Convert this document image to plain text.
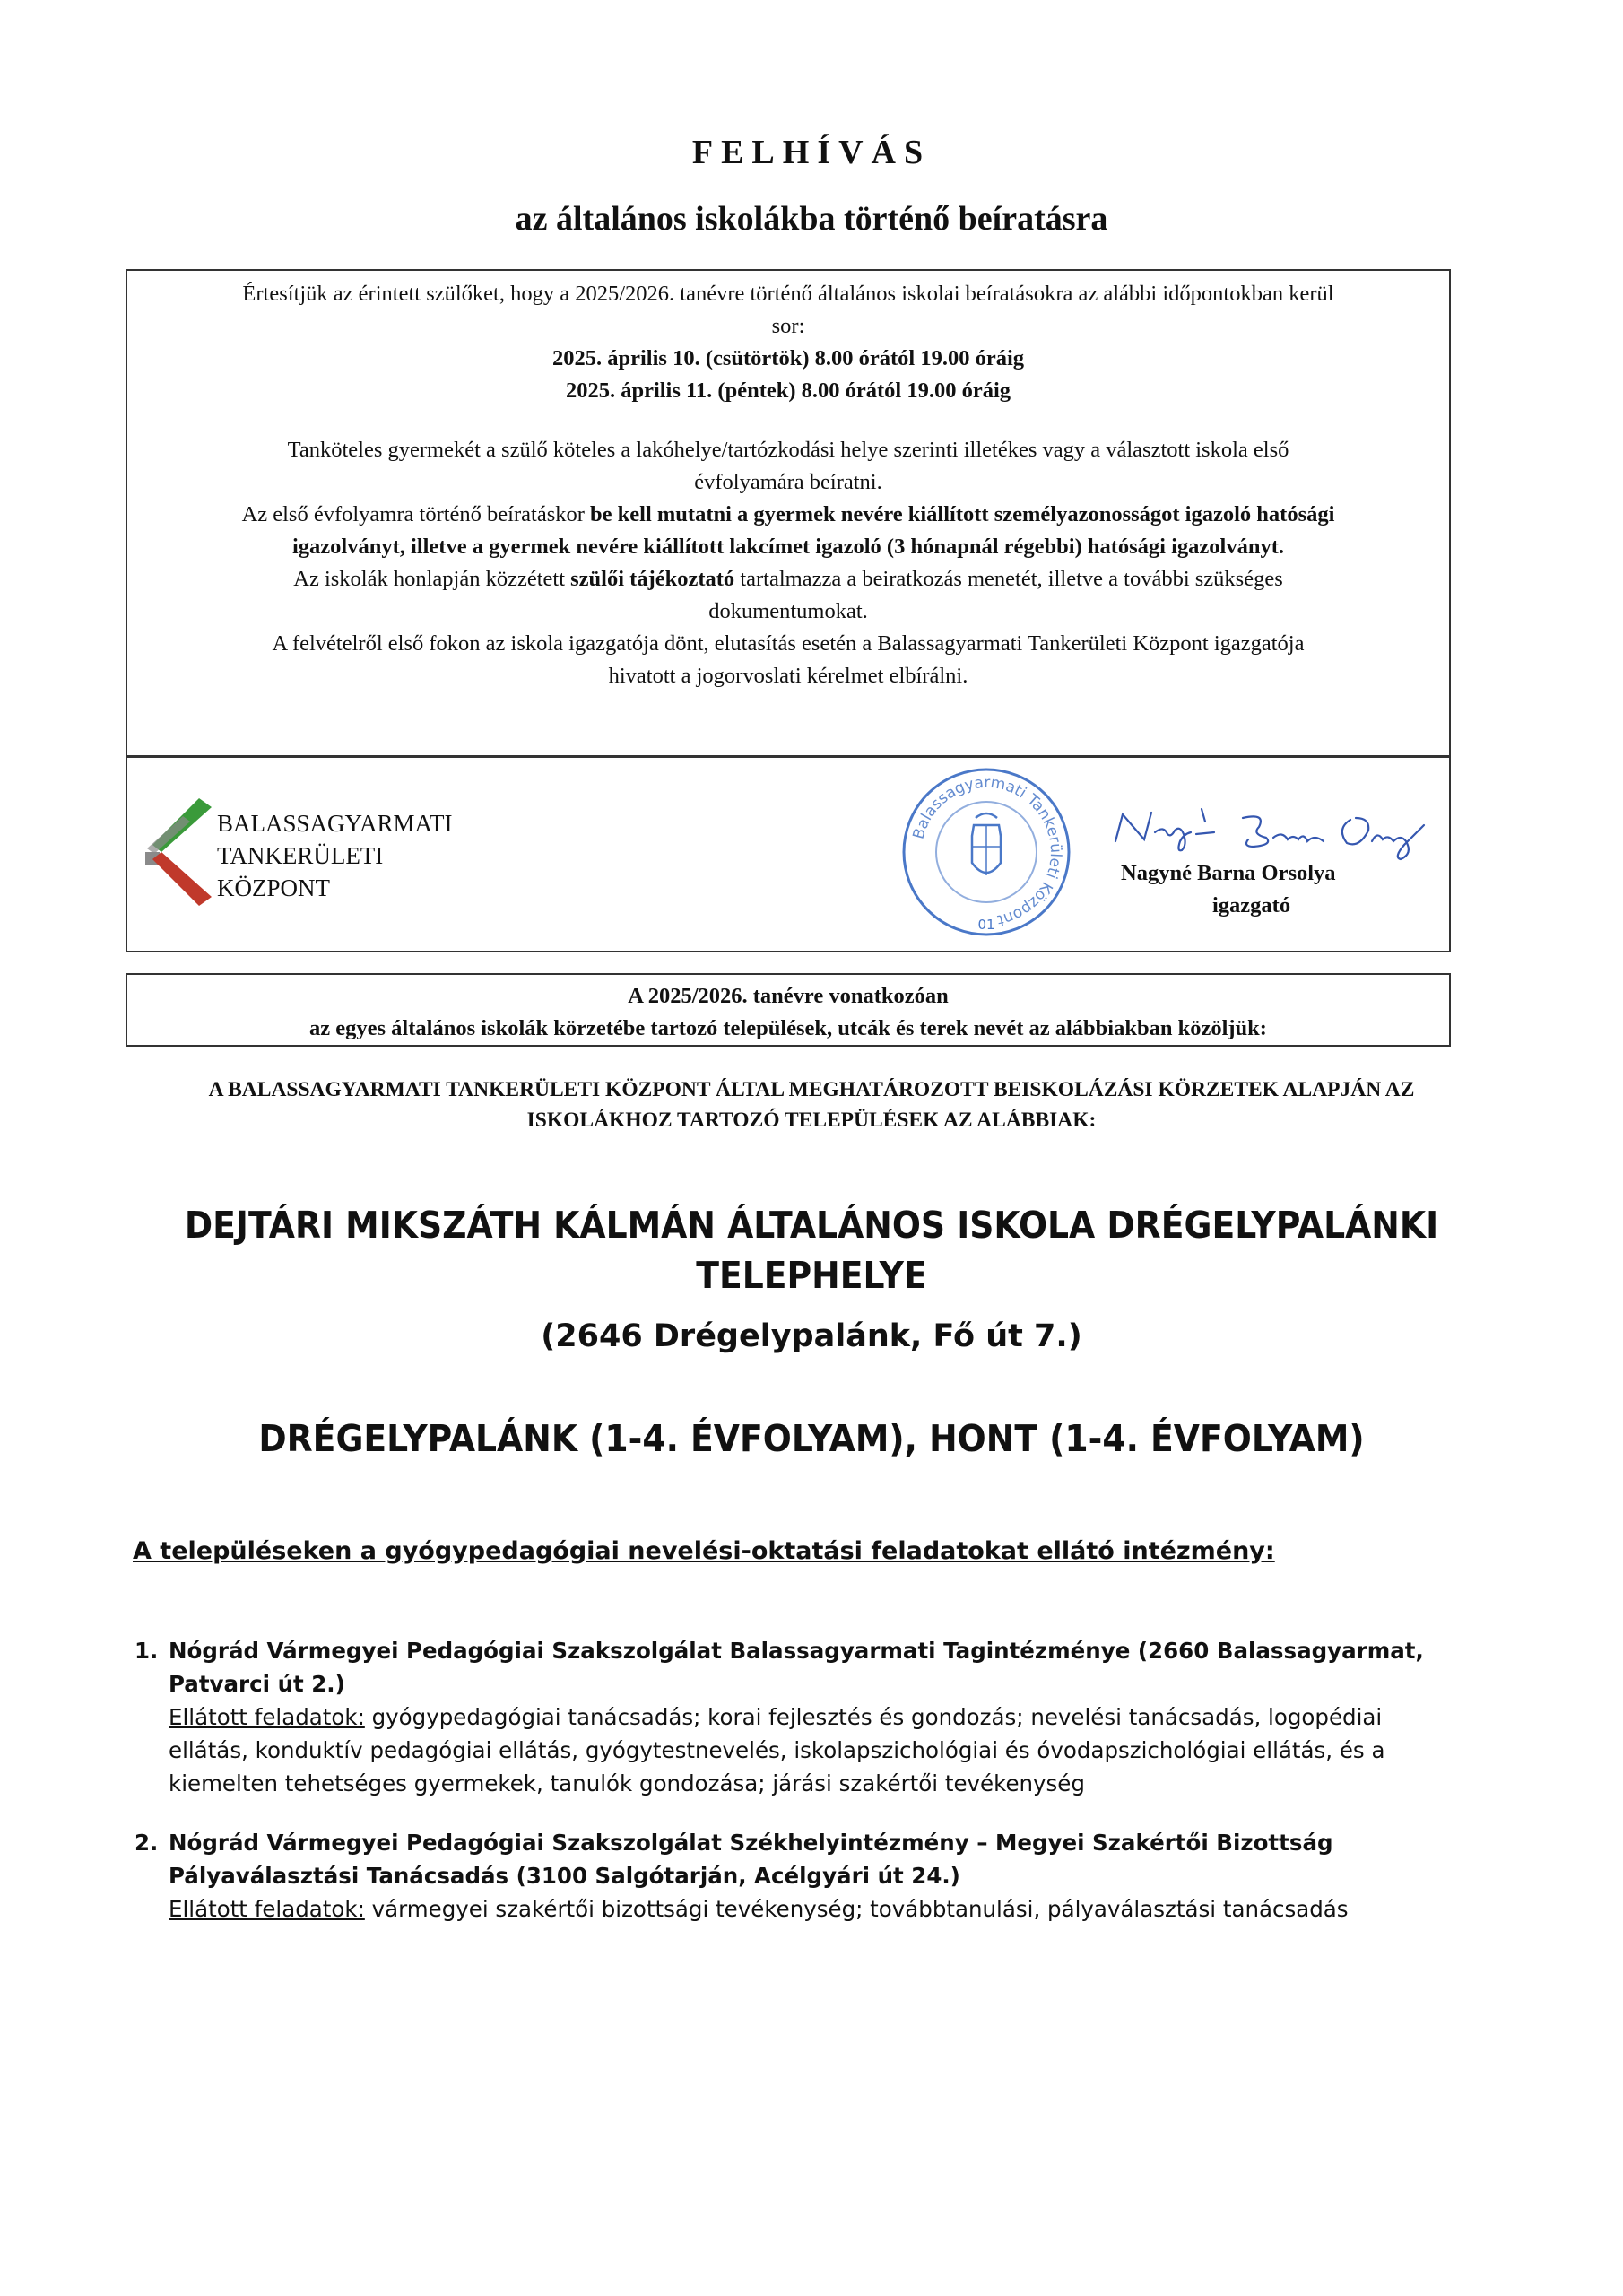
FELHÍVÁS
az általános iskolákba történő beíratásra
Értesítjük az érintett szülőket, hogy a 2025/2026. tanévre történő általános iskolai beíratásokra az alábbi időpontokban kerül
sor:
2025. április 10. (csütörtök) 8.00 órától 19.00 óráig
2025. április 11. (péntek) 8.00 órától 19.00 óráig
Tanköteles gyermekét a szülő köteles a lakóhelye/tartózkodási helye szerinti illetékes vagy a választott iskola első
évfolyamára beíratni.
Az első évfolyamra történő beíratáskor be kell mutatni a gyermek nevére kiállított személyazonosságot igazoló hatósági
igazolványt, illetve a gyermek nevére kiállított lakcímet igazoló (3 hónapnál régebbi) hatósági igazolványt.
Az iskolák honlapján közzétett szülői tájékoztató tartalmazza a beiratkozás menetét, illetve a további szükséges
dokumentumokat.
A felvételről első fokon az iskola igazgatója dönt, elutasítás esetén a Balassagyarmati Tankerületi Központ igazgatója
hivatott a jogorvoslati kérelmet elbírálni.
BALASSAGYARMATI
TANKERÜLETI
KÖZPONT
Balassagyarmati Tankerületi Központ
01
Nagyné Barna Orsolya
igazgató
A 2025/2026. tanévre vonatkozóan
az egyes általános iskolák körzetébe tartozó települések, utcák és terek nevét az alábbiakban közöljük:
A BALASSAGYARMATI TANKERÜLETI KÖZPONT ÁLTAL MEGHATÁROZOTT BEISKOLÁZÁSI KÖRZETEK ALAPJÁN AZ
ISKOLÁKHOZ TARTOZÓ TELEPÜLÉSEK AZ ALÁBBIAK:
DEJTÁRI MIKSZÁTH KÁLMÁN ÁLTALÁNOS ISKOLA DRÉGELYPALÁNKI
TELEPHELYE
(2646 Drégelypalánk, Fő út 7.)
DRÉGELYPALÁNK (1-4. ÉVFOLYAM), HONT (1-4. ÉVFOLYAM)
A településeken a gyógypedagógiai nevelési-oktatási feladatokat ellátó intézmény:
1. Nógrád Vármegyei Pedagógiai Szakszolgálat Balassagyarmati Tagintézménye (2660 Balassagyarmat,
Patvarci út 2.)
Ellátott feladatok: gyógypedagógiai tanácsadás; korai fejlesztés és gondozás; nevelési tanácsadás, logopédiai
ellátás, konduktív pedagógiai ellátás, gyógytestnevelés, iskolapszichológiai és óvodapszichológiai ellátás, és a
kiemelten tehetséges gyermekek, tanulók gondozása; járási szakértői tevékenység
2. Nógrád Vármegyei Pedagógiai Szakszolgálat Székhelyintézmény – Megyei Szakértői Bizottság
Pályaválasztási Tanácsadás (3100 Salgótarján, Acélgyári út 24.)
Ellátott feladatok: vármegyei szakértői bizottsági tevékenység; továbbtanulási, pályaválasztási tanácsadás
